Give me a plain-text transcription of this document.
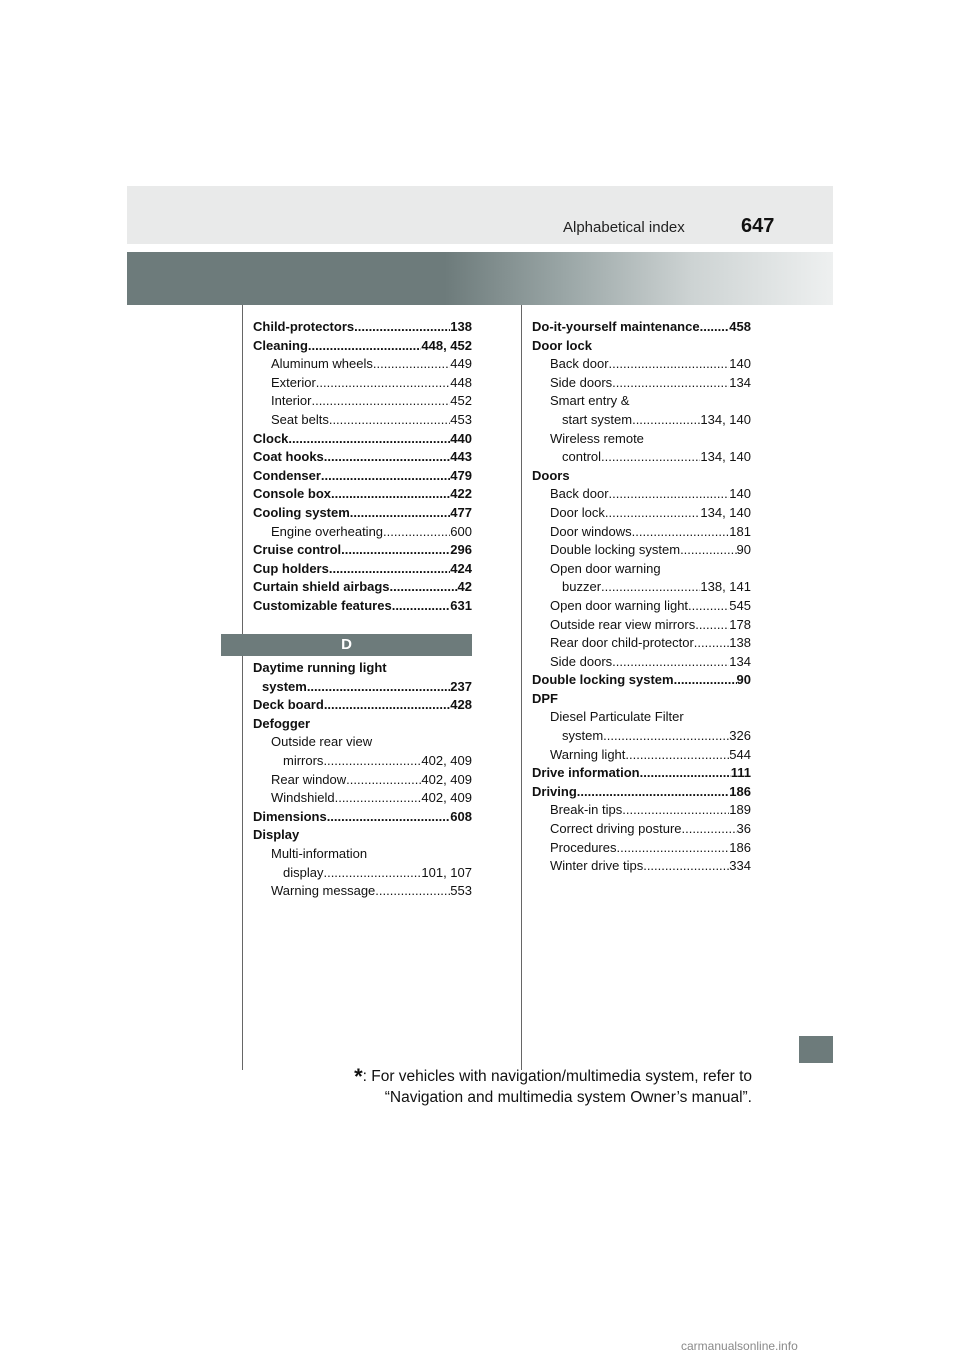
Alphabetical index	647
Child-protectors .....	138
Cleaning .....	448, 452
Aluminum wheels .....	449
Exterior .....	448
Interior .....	452
Seat belts .....	453
Clock .....	440
Coat hooks .....	443
Condenser .....	479
Console box .....	422
Cooling system .....	477
Engine overheating .....	600
Cruise control .....	296
Cup holders .....	424
Curtain shield airbags .....	42
Customizable features .....	631
D
Daytime running light
system .....	237
Deck board .....	428
Defogger
Outside rear view
mirrors .....	402, 409
Rear window .....	402, 409
Windshield .....	402, 409
Dimensions .....	608
Display
Multi-information
display .....	101, 107
Warning message .....	553
Do-it-yourself maintenance ..... 458
Door lock
Back door .....	140
Side doors .....	134
Smart entry &
start system .....	134, 140
Wireless remote
control .....	134, 140
Doors
Back door .....	140
Door lock .....	134, 140
Door windows .....	181
Double locking system .....	90
Open door warning
buzzer .....	138, 141
Open door warning light .....	545
Outside rear view mirrors .....	178
Rear door child-protector .....	138
Side doors .....	134
Double locking system .....	90
DPF
Diesel Particulate Filter
system .....	326
Warning light .....	544
Drive information .....	111
Driving .....	186
Break-in tips .....	189
Correct driving posture .....	36
Procedures .....	186
Winter drive tips .....	334
*: For vehicles with navigation/multimedia system, refer to
“Navigation and multimedia system Owner’s manual”.
carmanualsonline.info
